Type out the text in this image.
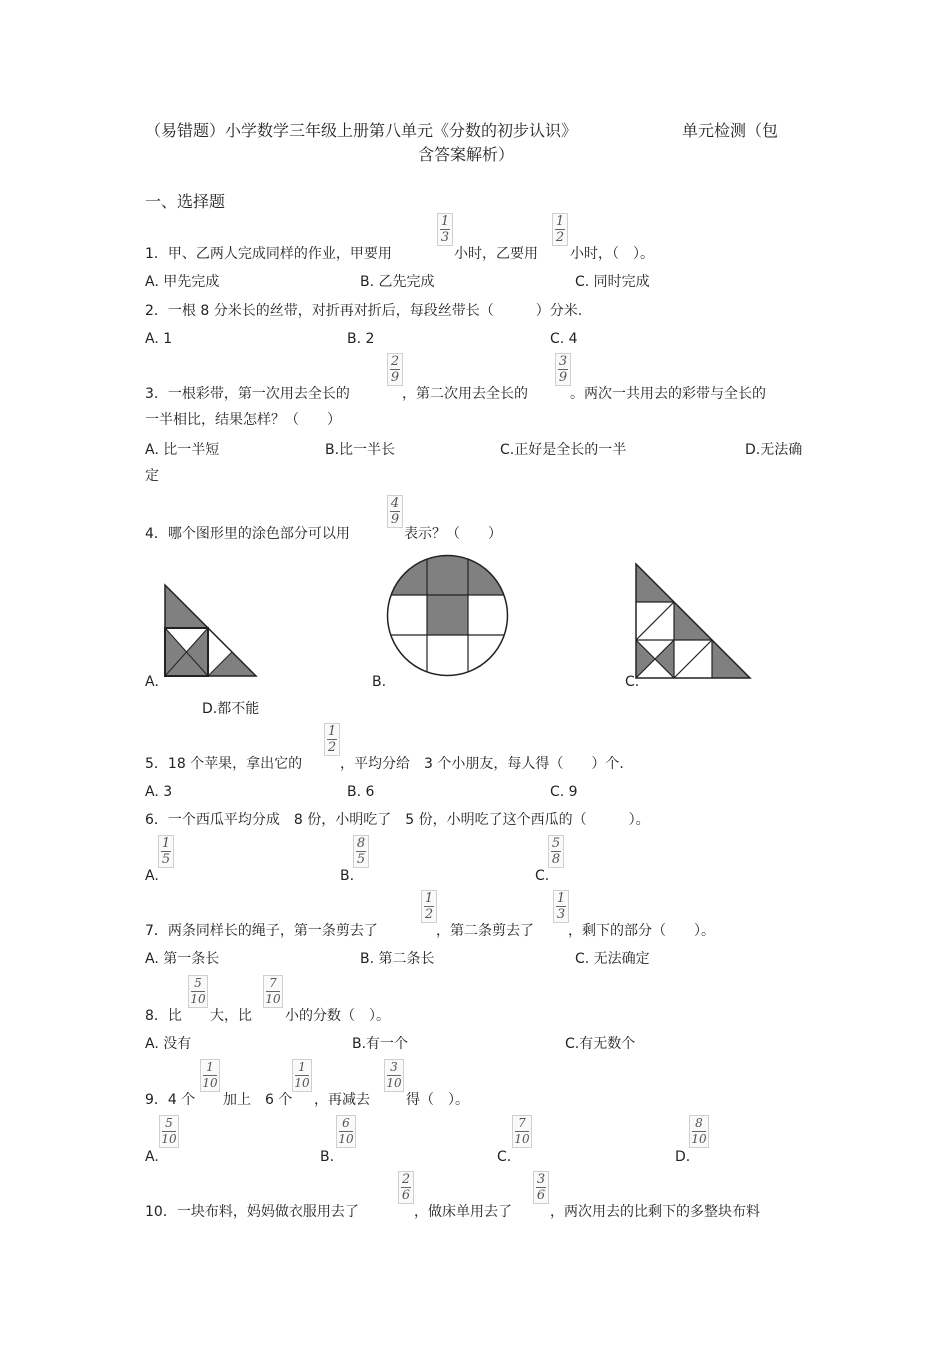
（易错题）小学数学三年级上册第八单元《分数的初步认识》	单元检测（包
含答案解析）
一、选择题
1．甲、乙两人完成同样的作业，甲要用
$\frac{1}{3}$
小时，乙要用
$\frac{1}{2}$
小时，（　）。
A. 甲先完成	B. 乙先完成	C. 同时完成
2．一根 8 分米长的丝带，对折再对折后，每段丝带长（　　　）分米.
A. 1	B. 2	C. 4
3．一根彩带，第一次用去全长的
$\frac{2}{9}$
，第二次用去全长的
$\frac{3}{9}$
。两次一共用去的彩带与全长的
一半相比，结果怎样？（　　）
A. 比一半短	B.比一半长	C.正好是全长的一半	D.无法确
定
4．哪个图形里的涂色部分可以用
$\frac{4}{9}$
表示？（　　）
A.	B.	C.
D.都不能
5．18 个苹果，拿出它的
$\frac{1}{2}$
，平均分给　3 个小朋友，每人得（　　）个.
A. 3	B. 6	C. 9
6．一个西瓜平均分成　8 份，小明吃了　5 份，小明吃了这个西瓜的（　　　）。
A.
$\frac{1}{5}$
B.
$\frac{8}{5}$
C.
$\frac{5}{8}$
7．两条同样长的绳子，第一条剪去了
$\frac{1}{2}$
，第二条剪去了
$\frac{1}{3}$
，剩下的部分（　　）。
A. 第一条长	B. 第二条长	C. 无法确定
8．比
$\frac{5}{10}$
大，比
$\frac{7}{10}$
小的分数（　）。
A. 没有	B.有一个	C.有无数个
9．4 个
$\frac{1}{10}$
加上　6 个
$\frac{1}{10}$
，再减去
$\frac{3}{10}$
得（　）。
A.
$\frac{5}{10}$
B.
$\frac{6}{10}$
C.
$\frac{7}{10}$
D.
$\frac{8}{10}$
10．一块布料，妈妈做衣服用去了
$\frac{2}{6}$
，做床单用去了
$\frac{3}{6}$
，两次用去的比剩下的多整块布料
